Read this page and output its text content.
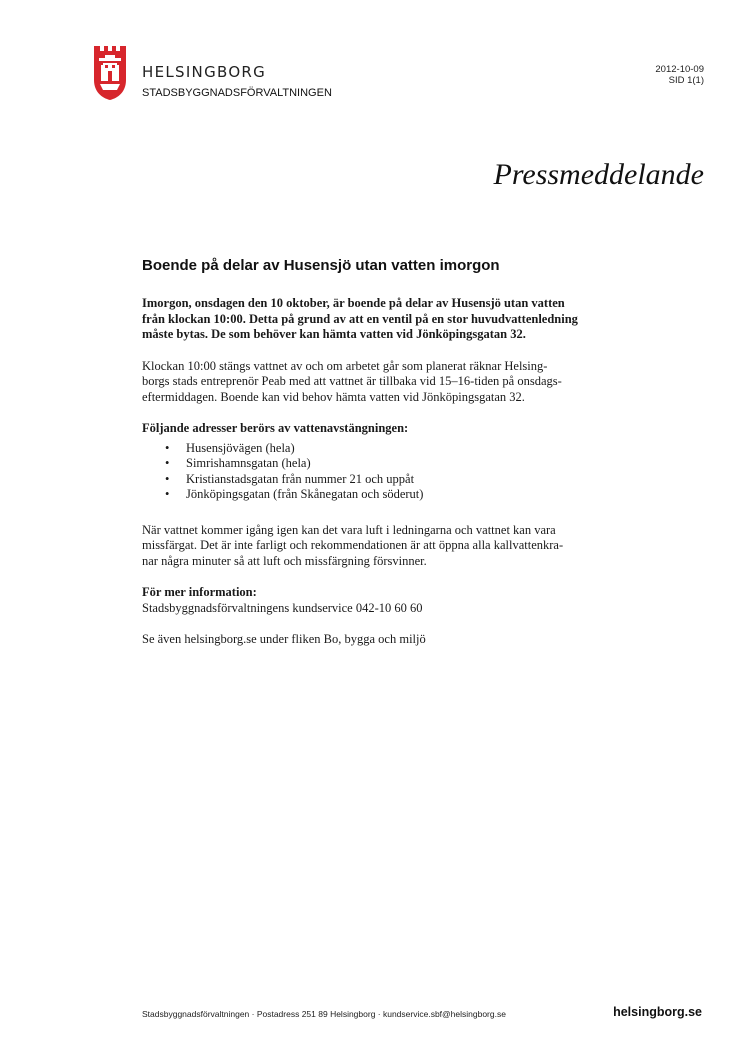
HELSINGBORG
STADSBYGGNADSFÖRVALTNINGEN
2012-10-09
SID 1(1)
Pressmeddelande
Boende på delar av Husensjö utan vatten imorgon

Imorgon, onsdagen den 10 oktober, är boende på delar av Husensjö utan vatten
från klockan 10:00. Detta på grund av att en ventil på en stor huvudvattenledning
måste bytas. De som behöver kan hämta vatten vid Jönköpingsgatan 32.

Klockan 10:00 stängs vattnet av och om arbetet går som planerat räknar Helsing-
borgs stads entreprenör Peab med att vattnet är tillbaka vid 15–16-tiden på onsdags-
eftermiddagen. Boende kan vid behov hämta vatten vid Jönköpingsgatan 32.

Följande adresser berörs av vattenavstängningen:

• Husensjövägen (hela)
• Simrishamnsgatan (hela)
• Kristianstadsgatan från nummer 21 och uppåt
• Jönköpingsgatan (från Skånegatan och söderut)

När vattnet kommer igång igen kan det vara luft i ledningarna och vattnet kan vara
missfärgat. Det är inte farligt och rekommendationen är att öppna alla kallvattenkra-
nar några minuter så att luft och missfärgning försvinner.

För mer information:

Stadsbyggnadsförvaltningens kundservice 042-10 60 60

Se även helsingborg.se under fliken Bo, bygga och miljö

Stadsbyggnadsförvaltningen · Postadress 251 89 Helsingborg · kundservice.sbf@helsingborg.se	helsingborg.se
